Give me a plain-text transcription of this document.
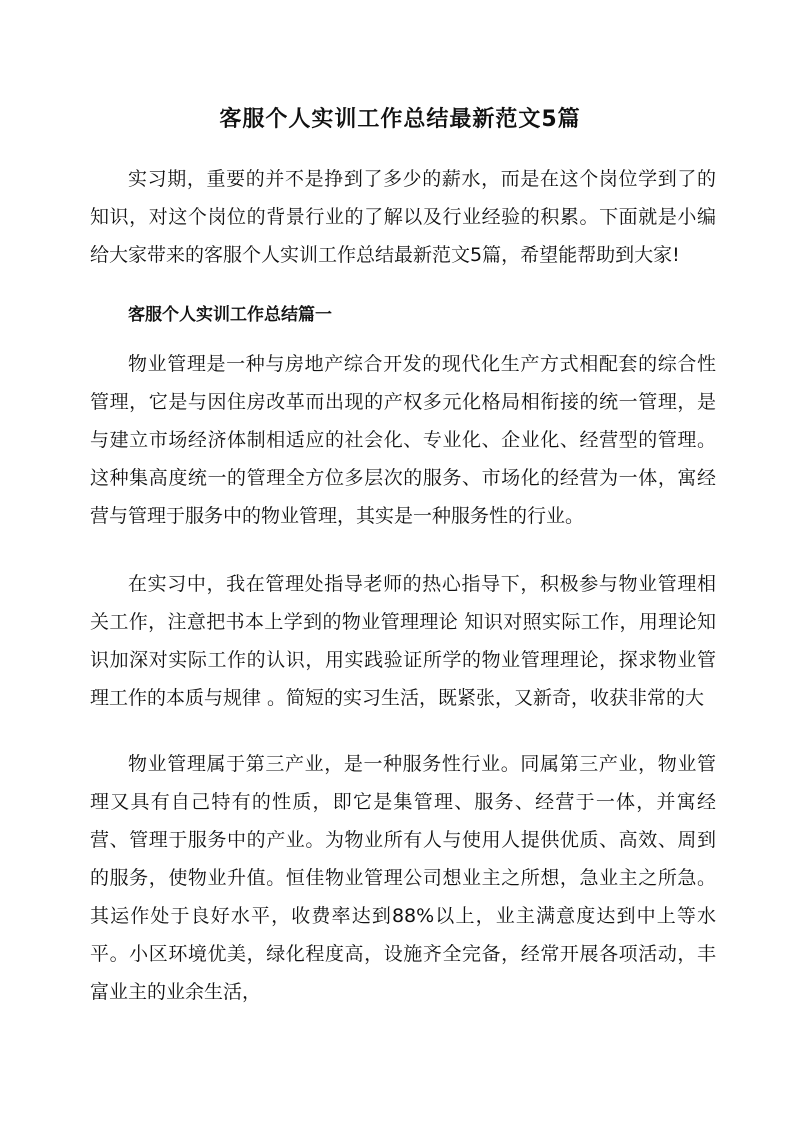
客服个人实训工作总结最新范文5篇

实习期，重要的并不是挣到了多少的薪水，而是在这个岗位学到了的知识，对这个岗位的背景行业的了解以及行业经验的积累。下面就是小编给大家带来的客服个人实训工作总结最新范文5篇，希望能帮助到大家!

客服个人实训工作总结篇一

物业管理是一种与房地产综合开发的现代化生产方式相配套的综合性管理，它是与因住房改革而出现的产权多元化格局相衔接的统一管理，是与建立市场经济体制相适应的社会化、专业化、企业化、经营型的管理。这种集高度统一的管理全方位多层次的服务、市场化的经营为一体，寓经营与管理于服务中的物业管理，其实是一种服务性的行业。

在实习中，我在管理处指导老师的热心指导下，积极参与物业管理相关工作，注意把书本上学到的物业管理理论 知识对照实际工作，用理论知识加深对实际工作的认识，用实践验证所学的物业管理理论，探求物业管理工作的本质与规律 。简短的实习生活，既紧张，又新奇，收获非常的大

物业管理属于第三产业，是一种服务性行业。同属第三产业，物业管理又具有自己特有的性质，即它是集管理、服务、经营于一体，并寓经营、管理于服务中的产业。为物业所有人与使用人提供优质、高效、周到的服务，使物业升值。恒佳物业管理公司想业主之所想，急业主之所急。其运作处于良好水平，收费率达到88%以上，业主满意度达到中上等水平。小区环境优美，绿化程度高，设施齐全完备，经常开展各项活动，丰富业主的业余生活，
